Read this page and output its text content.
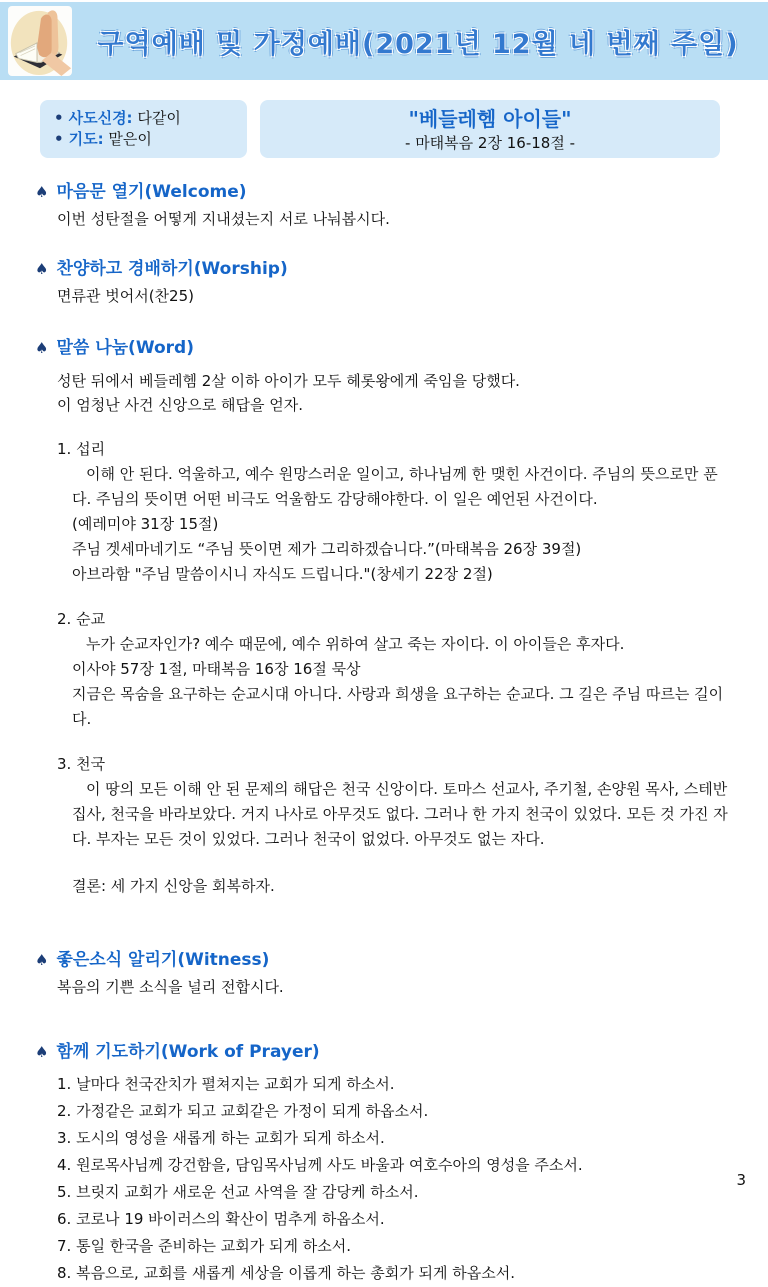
구역예배 및 가정예배(2021년 12월 네 번째 주일)

• 사도신경: 다같이

• 기도: 맡은이

"베들레헴 아이들"

- 마태복음 2장 16-18절 -

♠ 마음문 열기(Welcome)

이번 성탄절을 어떻게 지내셨는지 서로 나눠봅시다.

♠ 찬양하고 경배하기(Worship)

면류관 벗어서(찬25)

♠ 말씀 나눔(Word)

성탄 뒤에서 베들레헴 2살 이하 아이가 모두 헤롯왕에게 죽임을 당했다.

이 엄청난 사건 신앙으로 해답을 얻자.

1. 섭리

이해 안 된다. 억울하고, 예수 원망스러운 일이고, 하나님께 한 맺힌 사건이다. 주님의 뜻으로만 푼다. 주님의 뜻이면 어떤 비극도 억울함도 감당해야한다. 이 일은 예언된 사건이다.

(예레미야 31장 15절)

주님 겟세마네기도 “주님 뜻이면 제가 그리하겠습니다.”(마태복음 26장 39절)

아브라함 "주님 말씀이시니 자식도 드립니다."(창세기 22장 2절)

2. 순교

누가 순교자인가? 예수 때문에, 예수 위하여 살고 죽는 자이다. 이 아이들은 후자다.

이사야 57장 1절, 마태복음 16장 16절 묵상

지금은 목숨을 요구하는 순교시대 아니다. 사랑과 희생을 요구하는 순교다. 그 길은 주님 따르는 길이다.

3. 천국

이 땅의 모든 이해 안 된 문제의 해답은 천국 신앙이다. 토마스 선교사, 주기철, 손양원 목사, 스테반 집사, 천국을 바라보았다. 거지 나사로 아무것도 없다. 그러나 한 가지 천국이 있었다. 모든 것 가진 자다. 부자는 모든 것이 있었다. 그러나 천국이 없었다. 아무것도 없는 자다.

결론: 세 가지 신앙을 회복하자.

♠ 좋은소식 알리기(Witness)

복음의 기쁜 소식을 널리 전합시다.

♠ 함께 기도하기(Work of Prayer)

1. 날마다 천국잔치가 펼쳐지는 교회가 되게 하소서.

2. 가정같은 교회가 되고 교회같은 가정이 되게 하옵소서.

3. 도시의 영성을 새롭게 하는 교회가 되게 하소서.

4. 원로목사님께 강건함을, 담임목사님께 사도 바울과 여호수아의 영성을 주소서.

5. 브릿지 교회가 새로운 선교 사역을 잘 감당케 하소서.

6. 코로나 19 바이러스의 확산이 멈추게 하옵소서.

7. 통일 한국을 준비하는 교회가 되게 하소서.

8. 복음으로, 교회를 새롭게 세상을 이롭게 하는 총회가 되게 하옵소서.

3
